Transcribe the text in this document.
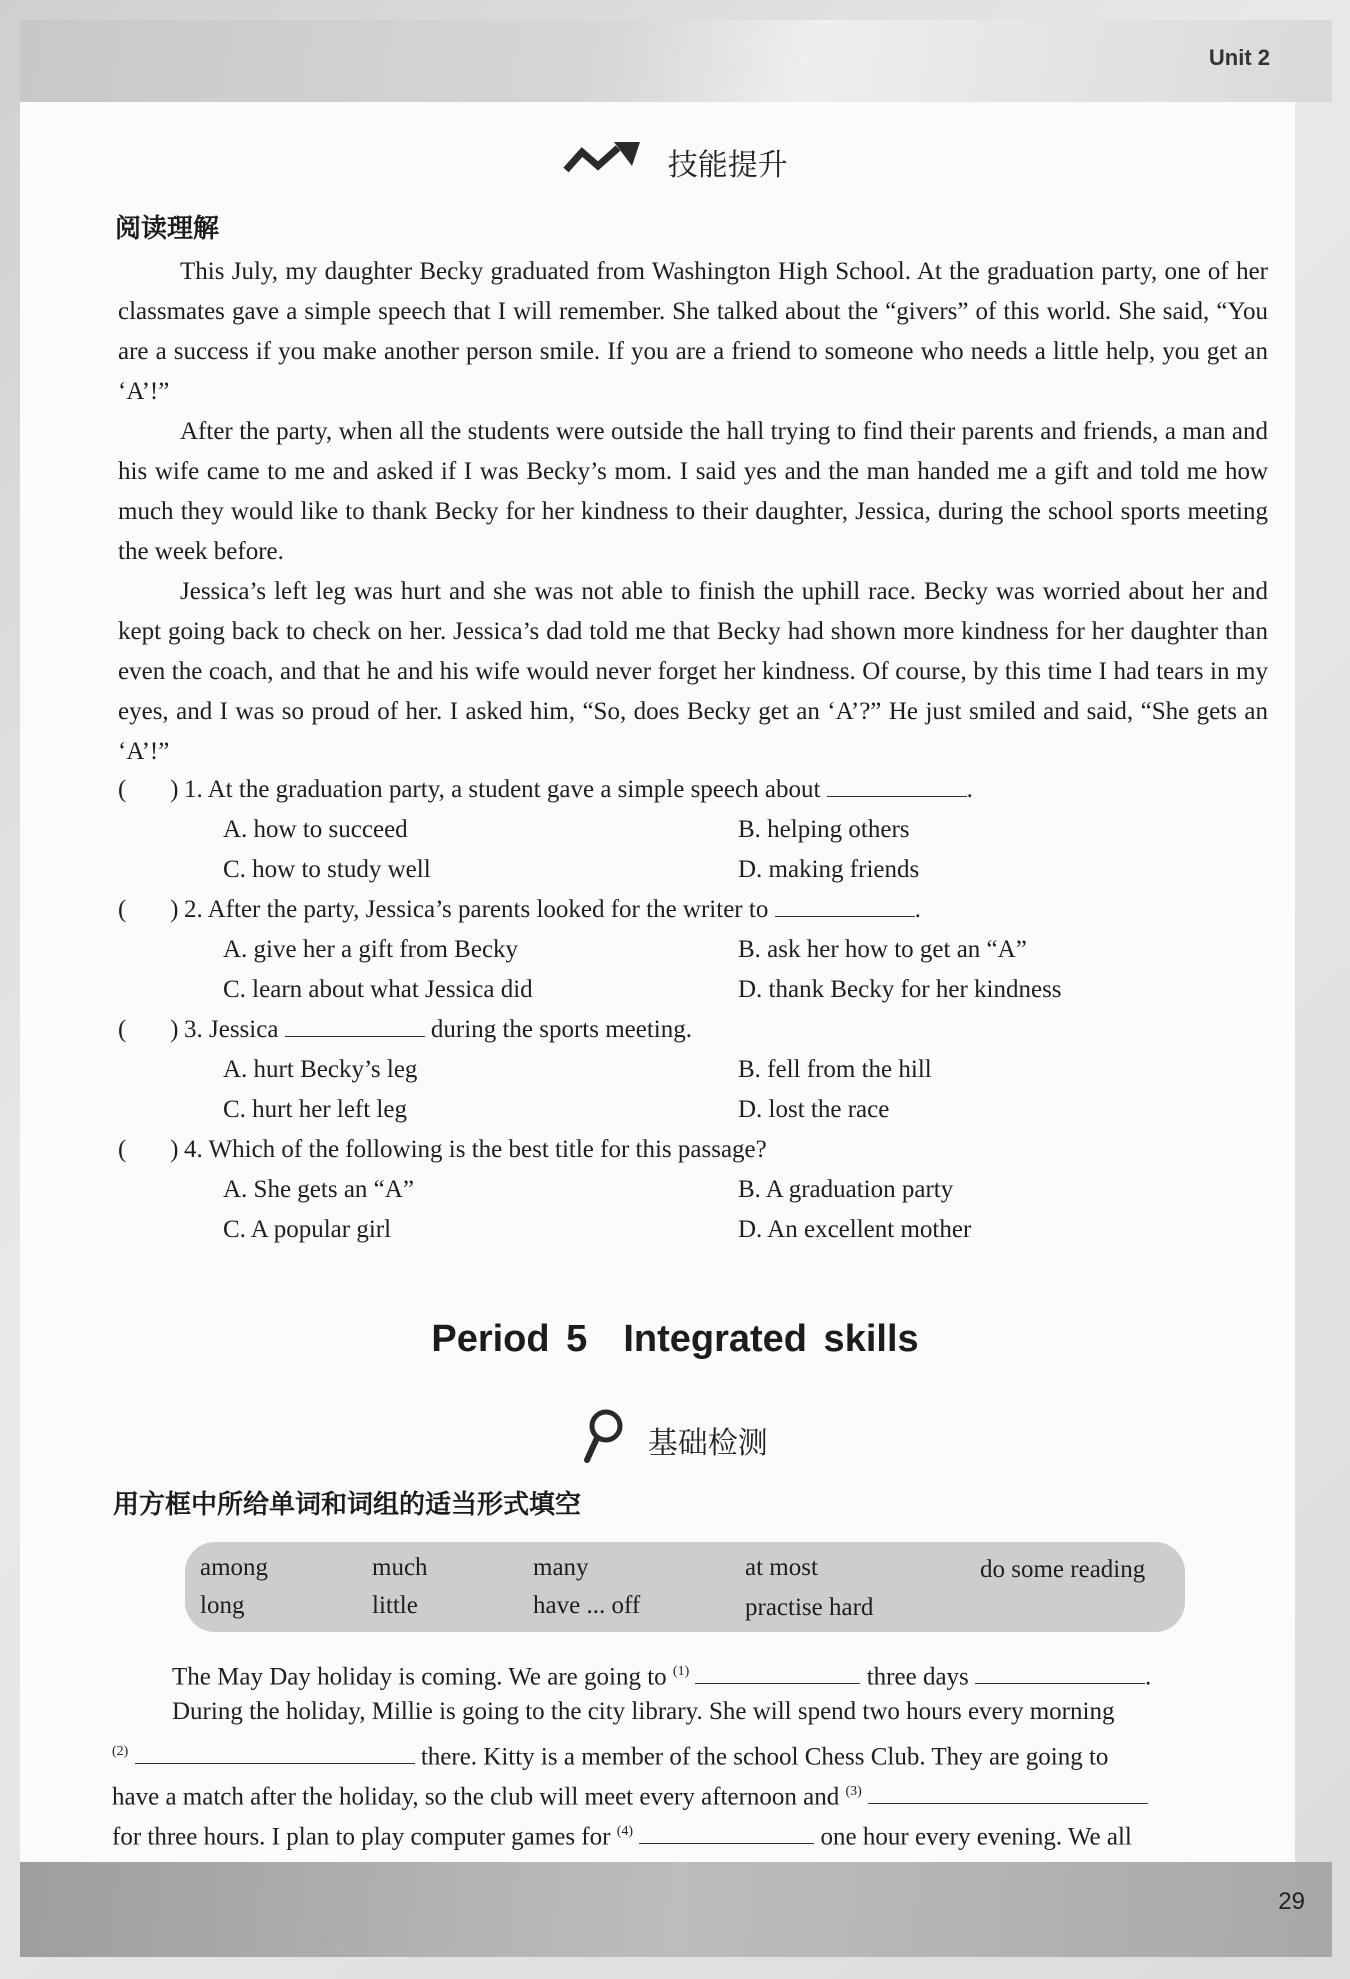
Unit 2
技能提升
阅读理解

This July, my daughter Becky graduated from Washington High School. At the graduation party, one of her classmates gave a simple speech that I will remember. She talked about the “givers” of this world. She said, “You are a success if you make another person smile. If you are a friend to someone who needs a little help, you get an ‘A’!”

After the party, when all the students were outside the hall trying to find their parents and friends, a man and his wife came to me and asked if I was Becky’s mom. I said yes and the man handed me a gift and told me how much they would like to thank Becky for her kindness to their daughter, Jessica, during the school sports meeting the week before.

Jessica’s left leg was hurt and she was not able to finish the uphill race. Becky was worried about her and kept going back to check on her. Jessica’s dad told me that Becky had shown more kindness for her daughter than even the coach, and that he and his wife would never forget her kindness. Of course, by this time I had tears in my eyes, and I was so proud of her. I asked him, “So, does Becky get an ‘A’?” He just smiled and said, “She gets an ‘A’!”

( ) 1. At the graduation party, a student gave a simple speech about	.
A. how to succeed	B. helping others
C. how to study well	D. making friends
( ) 2. After the party, Jessica’s parents looked for the writer to	.
A. give her a gift from Becky	B. ask her how to get an “A”
C. learn about what Jessica did	D. thank Becky for her kindness
( ) 3. Jessica	during the sports meeting.
A. hurt Becky’s leg	B. fell from the hill
C. hurt her left leg	D. lost the race
( ) 4. Which of the following is the best title for this passage?
A. She gets an “A”	B. A graduation party
C. A popular girl	D. An excellent mother
Period 5 Integrated skills
基础检测
用方框中所给单词和词组的适当形式填空
among	much	many	at most	do some reading
long	little	have ... off	practise hard
The May Day holiday is coming. We are going to $^{(1)}$	three days	.
During the holiday, Millie is going to the city library. She will spend two hours every morning
$^{(2)}$	there. Kitty is a member of the school Chess Club. They are going to
have a match after the holiday, so the club will meet every afternoon and $^{(3)}$
for three hours. I plan to play computer games for $^{(4)}$	one hour every evening. We all
29
